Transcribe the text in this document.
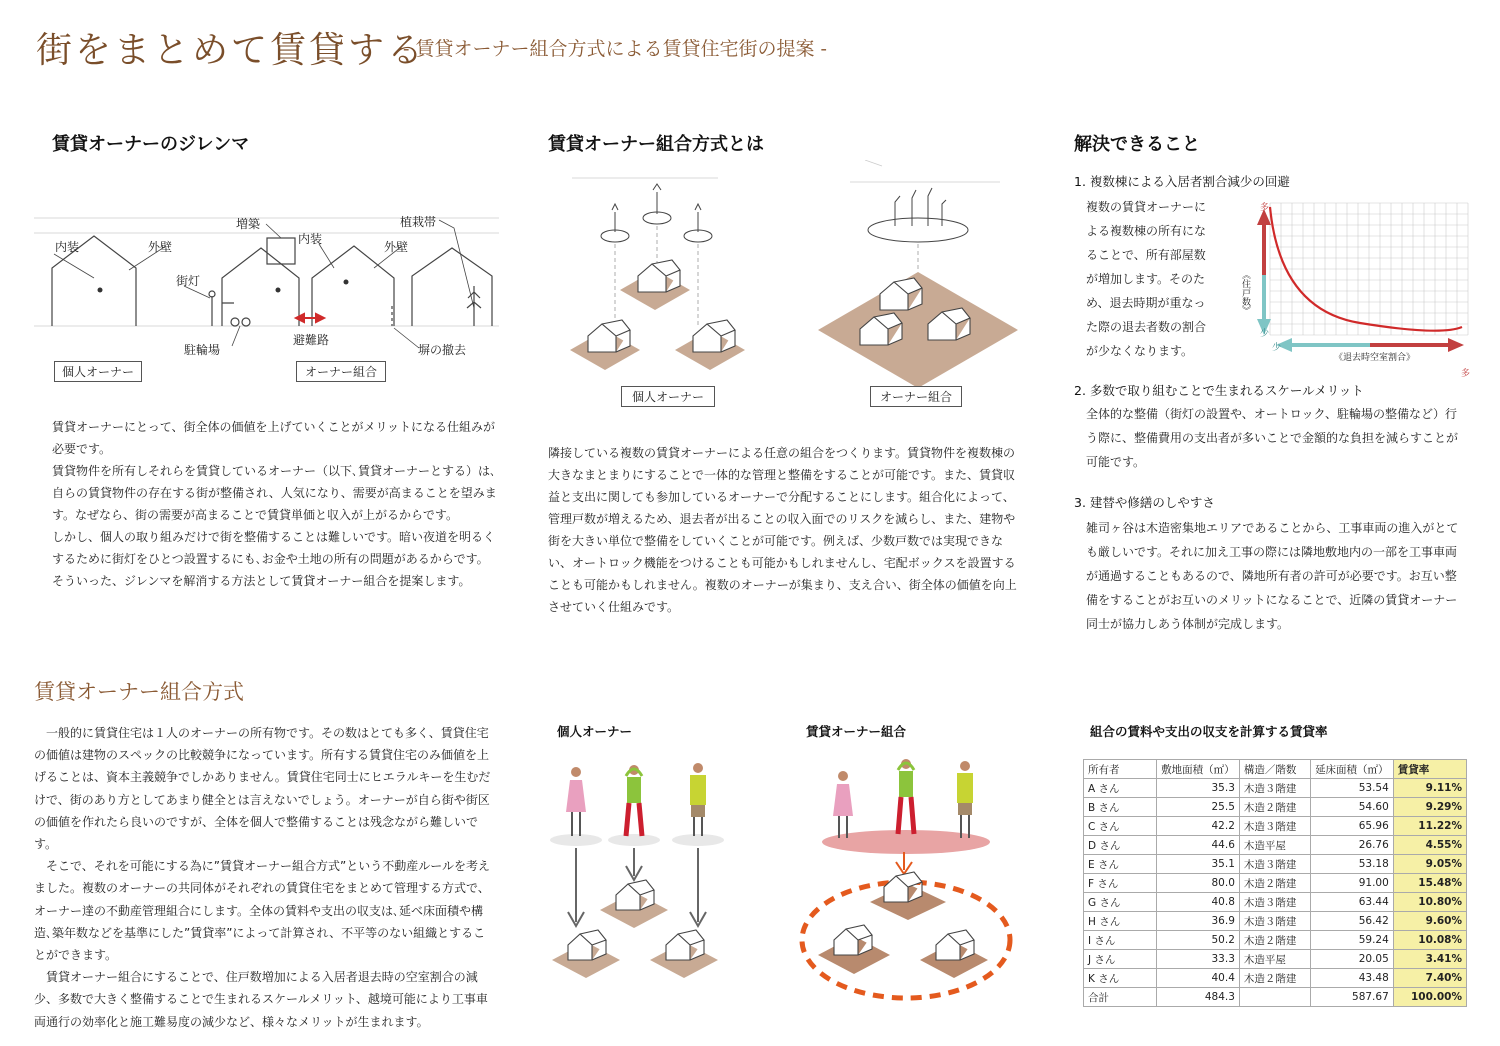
街をまとめて賃貸する
- 賃貸オーナー組合方式による賃貸住宅街の提案 -
賃貸オーナーのジレンマ
内装	外壁
増築
内装
外壁
植栽帯
街灯
避難路
駐輪場	塀の撤去
個人オーナー	オーナー組合

賃貸オーナーにとって、街全体の価値を上げていくことがメリットになる仕組みが必要です。

賃貸物件を所有しそれらを賃貸しているオーナー（以下､賃貸オーナーとする）は､自らの賃貸物件の存在する街が整備され、人気になり、需要が高まることを望みます。なぜなら、街の需要が高まることで賃貸単価と収入が上がるからです。

しかし、個人の取り組みだけで街を整備することは難しいです。暗い夜道を明るくするために街灯をひとつ設置するにも､お金や土地の所有の問題があるからです。そういった、ジレンマを解消する方法として賃貸オーナー組合を提案します。

賃貸オーナー組合方式とは
個人オーナー	オーナー組合

隣接している複数の賃貸オーナーによる任意の組合をつくります。賃貸物件を複数棟の大きなまとまりにすることで一体的な管理と整備をすることが可能です。また、賃貸収益と支出に関しても参加しているオーナーで分配することにします。組合化によって、管理戸数が増えるため、退去者が出ることの収入面でのリスクを減らし、また、建物や街を大きい単位で整備をしていくことが可能です。例えば、少数戸数では実現できない、オートロック機能をつけることも可能かもしれませんし、宅配ボックスを設置することも可能かもしれません。複数のオーナーが集まり、支え合い、街全体の価値を向上させていく仕組みです。

解決できること
1. 複数棟による入居者割合減少の回避
複数の賃貸オーナーによる複数棟の所有になることで、所有部屋数が増加します。そのため、退去時期が重なった際の退去者数の割合が少なくなります。
多
少
《住戸数》
少
多
《退去時空室割合》
2. 多数で取り組むことで生まれるスケールメリット
全体的な整備（街灯の設置や、オートロック、駐輪場の整備など）行う際に、整備費用の支出者が多いことで金額的な負担を減らすことが可能です。
3. 建替や修繕のしやすさ
雑司ヶ谷は木造密集地エリアであることから、工事車両の進入がとても厳しいです。それに加え工事の際には隣地敷地内の一部を工事車両が通過することもあるので、隣地所有者の許可が必要です。お互い整備をすることがお互いのメリットになることで、近隣の賃貸オーナー同士が協力しあう体制が完成します。
賃貸オーナー組合方式

一般的に賃貸住宅は１人のオーナーの所有物です。その数はとても多く、賃貸住宅の価値は建物のスペックの比較競争になっています。所有する賃貸住宅のみ価値を上げることは、資本主義競争でしかありません。賃貸住宅同士にヒエラルキーを生むだけで、街のあり方としてあまり健全とは言えないでしょう。オーナーが自ら街や街区の価値を作れたら良いのですが、全体を個人で整備することは残念ながら難しいです。

そこで、それを可能にする為に”賃貸オーナー組合方式”という不動産ルールを考えました。複数のオーナーの共同体がそれぞれの賃貸住宅をまとめて管理する方式で、オーナー達の不動産管理組合にします。全体の賃料や支出の収支は､延べ床面積や構造､築年数などを基準にした”賃貸率”によって計算され、不平等のない組織とすることができます。

賃貸オーナー組合にすることで、住戸数増加による入居者退去時の空室割合の減少、多数で大きく整備することで生まれるスケールメリット、越境可能により工事車両通行の効率化と施工難易度の減少など、様々なメリットが生まれます。

個人オーナー	賃貸オーナー組合	組合の賃料や支出の収支を計算する賃貸率
所有者	敷地面積（㎡）	構造／階数	延床面積（㎡）	賃貸率
A さん	35.3	木造３階建	53.54	9.11%
B さん	25.5	木造２階建	54.60	9.29%
C さん	42.2	木造３階建	65.96	11.22%
D さん	44.6	木造平屋	26.76	4.55%
E さん	35.1	木造３階建	53.18	9.05%
F さん	80.0	木造２階建	91.00	15.48%
G さん	40.8	木造３階建	63.44	10.80%
H さん	36.9	木造３階建	56.42	9.60%
I さん	50.2	木造２階建	59.24	10.08%
J さん	33.3	木造平屋	20.05	3.41%
K さん	40.4	木造２階建	43.48	7.40%
合計	484.3		587.67	100.00%
